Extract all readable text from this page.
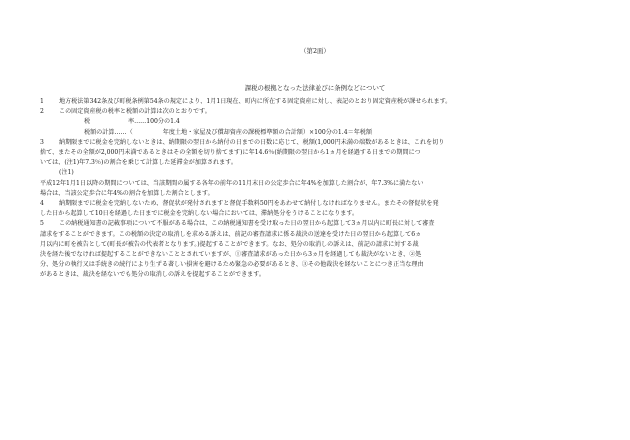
（第2面）
課税の根拠となった法律並びに条例などについて
1 地方税法第342条及び町税条例第54条の規定により、1月1日現在、町内に所在する固定資産に対し、表記のとおり固定資産税が課せられます。
2 この固定資産税の税率と税額の計算は次のとおりです。
税	率……100分の1.4
税額の計算……（	年度土地・家屋及び償却資産の課税標準額の合計額）×100分の1.4＝年税額
3 納期限までに税金を完納しないときは、納期限の翌日から納付の日までの日数に応じて、税額(1,000円未満の端数があるときは、これを切り
捨て、またその全額が2,000円未満であるときはその全額を切り捨てます)に年14.6％(納期限の翌日から1ヵ月を経過する日までの期間につ
いては、(注1)年7.3％)の割合を乗じて計算した延滞金が加算されます。
(注1)
平成12年1月1日以降の期間については、当該期間の属する各年の前年の11月末日の公定歩合に年4%を加算した割合が、年7.3%に満たない
場合は、当該公定歩合に年4%の割合を加算した割合とします。
4 納期限までに税金を完納しないため、督促状が発付されますと督促手数料50円をあわせて納付しなければなりません。またその督促状を発
した日から起算して10日を経過した日までに税金を完納しない場合においては、滞納処分をうけることになります。
5 この納税通知書の記載事項について不服がある場合は、この納税通知書を受け取った日の翌日から起算して3ヵ月以内に町長に対して審査
請求をすることができます。この税額の決定の取消しを求める訴えは、前記の審査請求に係る裁決の送達を受けた日の翌日から起算して6ヵ
月以内に町を被告として(町長が被告の代表者となります。)提起することができます。なお、処分の取消しの訴えは、前記の請求に対する裁
決を経た後でなければ提起することができないこととされていますが、①審査請求があった日から3ヵ月を経過しても裁決がないとき、②処
分、処分の執行又は手続きの続行により生ずる著しい損害を避けるため緊急の必要があるとき、③その他裁決を経ないことにつき正当な理由
があるときは、裁決を経ないでも処分の取消しの訴えを提起することができます。
